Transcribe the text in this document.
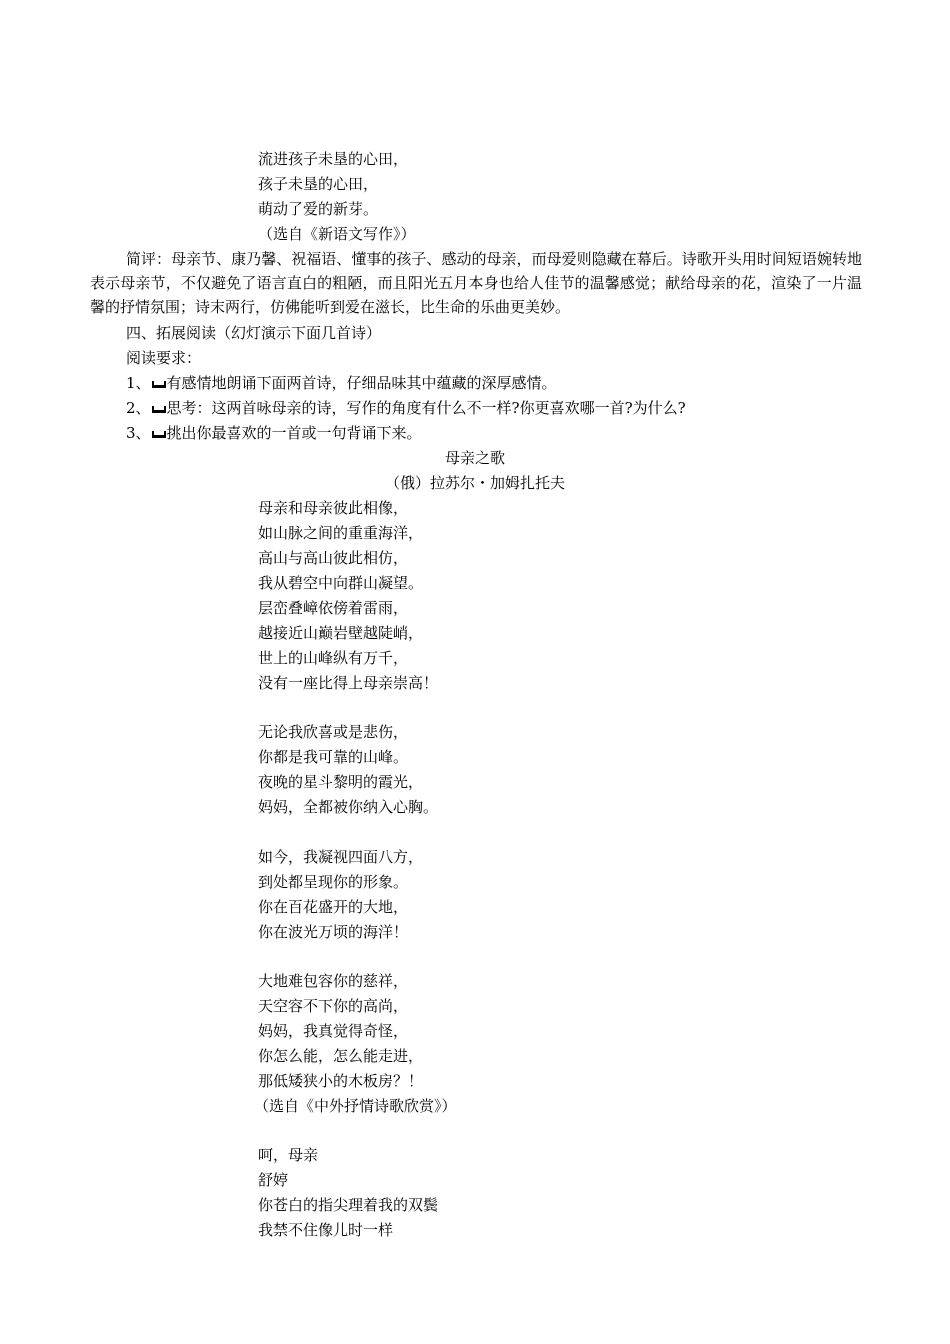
流进孩子未垦的心田，
孩子未垦的心田，
萌动了爱的新芽。
（选自《新语文写作》）
简评：母亲节、康乃馨、祝福语、懂事的孩子、感动的母亲，而母爱则隐藏在幕后。诗歌开头用时间短语婉转地表示母亲节，不仅避免了语言直白的粗陋，而且阳光五月本身也给人佳节的温馨感觉；献给母亲的花，渲染了一片温馨的抒情氛围；诗末两行，仿佛能听到爱在滋长，比生命的乐曲更美妙。
四、拓展阅读（幻灯演示下面几首诗）
阅读要求：
1、 有感情地朗诵下面两首诗，仔细品味其中蕴藏的深厚感情。
2、 思考：这两首咏母亲的诗，写作的角度有什么不一样?你更喜欢哪一首?为什么?
3、 挑出你最喜欢的一首或一句背诵下来。
母亲之歌
（俄）拉苏尔・加姆扎托夫
母亲和母亲彼此相像，
如山脉之间的重重海洋，
高山与高山彼此相仿，
我从碧空中向群山凝望。
层峦叠嶂依傍着雷雨，
越接近山巅岩壁越陡峭，
世上的山峰纵有万千，
没有一座比得上母亲崇高！
无论我欣喜或是悲伤，
你都是我可靠的山峰。
夜晚的星斗黎明的霞光，
妈妈，全都被你纳入心胸。
如今，我凝视四面八方，
到处都呈现你的形象。
你在百花盛开的大地，
你在波光万顷的海洋！
大地难包容你的慈祥，
天空容不下你的高尚，
妈妈，我真觉得奇怪，
你怎么能，怎么能走进，
那低矮狭小的木板房？！
（选自《中外抒情诗歌欣赏》）
呵，母亲
舒婷
你苍白的指尖理着我的双鬓
我禁不住像儿时一样
